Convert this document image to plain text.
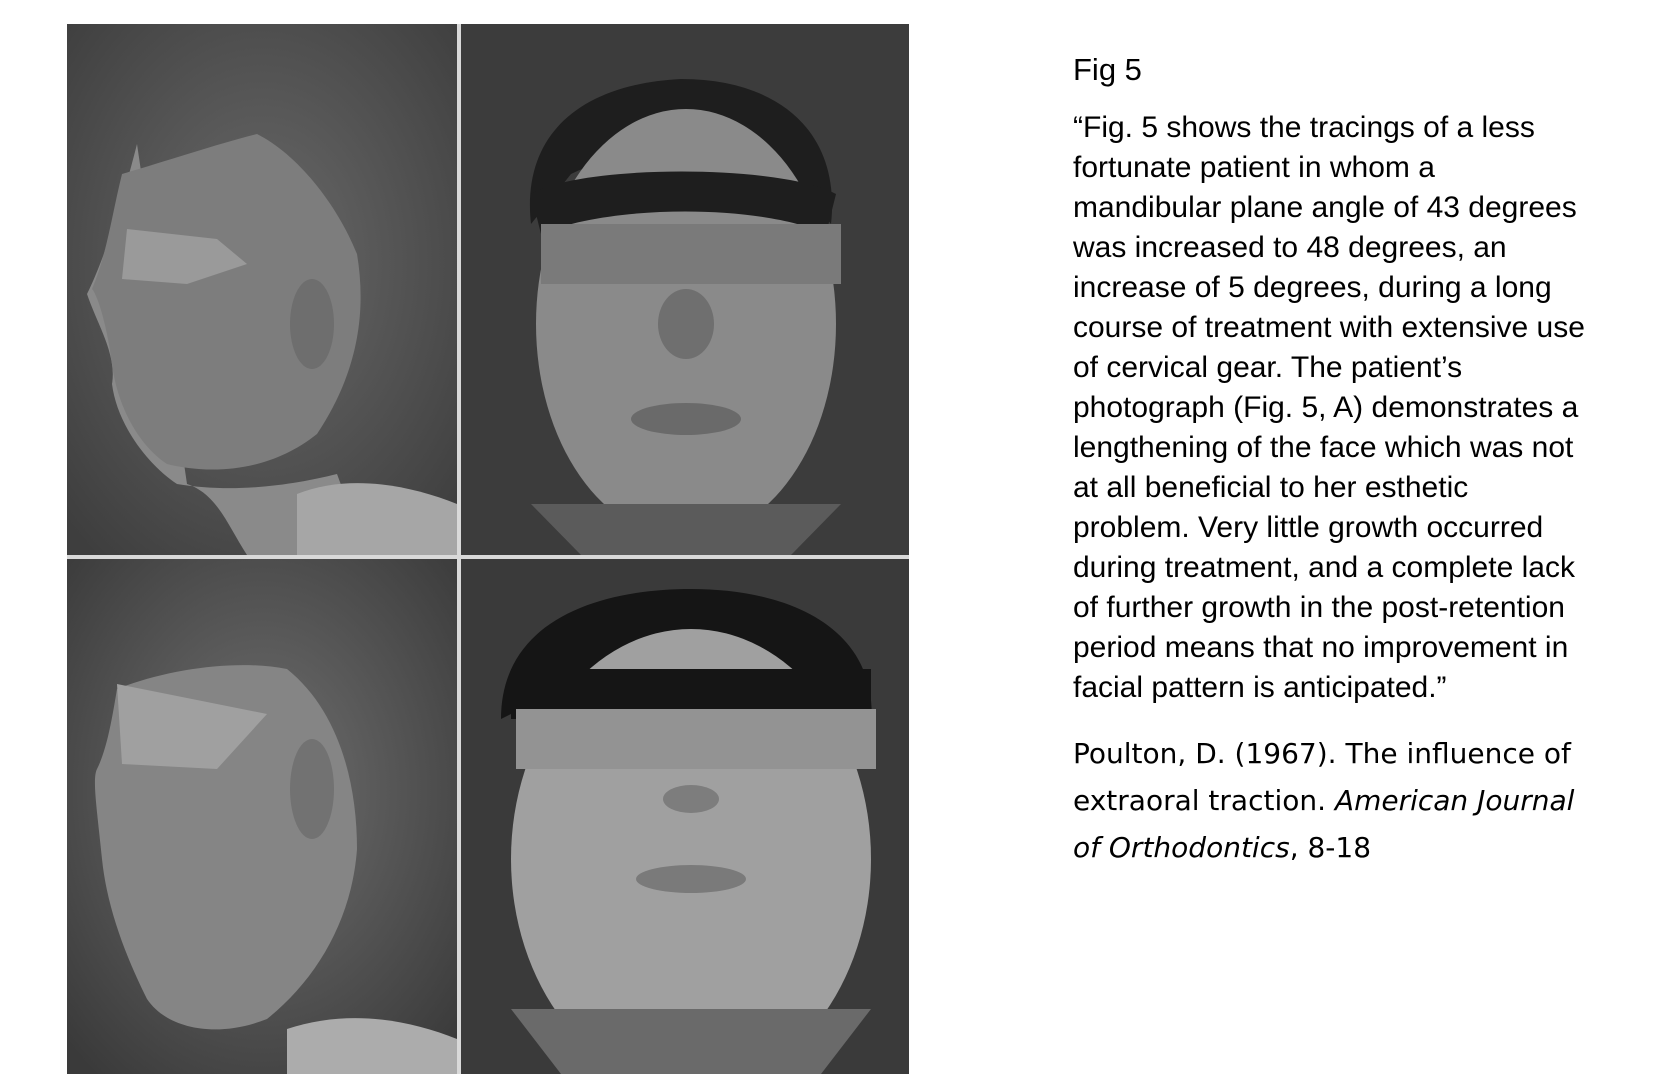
Fig 5
“Fig. 5 shows the tracings of a less
fortunate patient in whom a
mandibular plane angle of 43 degrees
was increased to 48 degrees, an
increase of 5 degrees, during a long
course of treatment with extensive use
of cervical gear. The patient’s
photograph (Fig. 5, A) demonstrates a
lengthening of the face which was not
at all beneficial to her esthetic
problem. Very little growth occurred
during treatment, and a complete lack
of further growth in the post-retention
period means that no improvement in
facial pattern is anticipated.”
Poulton, D. (1967). The influence of
extraoral traction. American Journal
of Orthodontics, 8-18
